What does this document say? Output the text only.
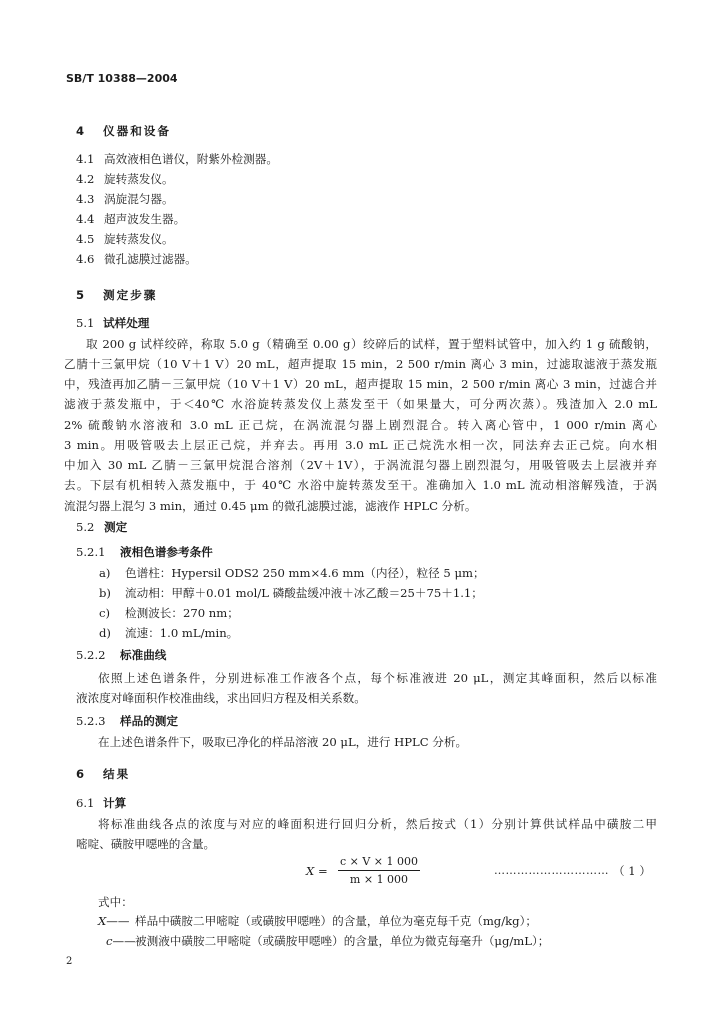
SB/T 10388—2004
4 仪器和设备
4.1 高效液相色谱仪，附紫外检测器。
4.2 旋转蒸发仪。
4.3 涡旋混匀器。
4.4 超声波发生器。
4.5 旋转蒸发仪。
4.6 微孔滤膜过滤器。
5 测定步骤
5.1 试样处理
取 200 g 试样绞碎，称取 5.0 g（精确至 0.00 g）绞碎后的试样，置于塑料试管中，加入约 1 g 硫酸钠，
乙腈十三氯甲烷（10 V＋1 V）20 mL，超声提取 15 min，2 500 r/min 离心 3 min，过滤取滤液于蒸发瓶
中，残渣再加乙腈－三氯甲烷（10 V＋1 V）20 mL，超声提取 15 min，2 500 r/min 离心 3 min，过滤合并
滤液于蒸发瓶中，于＜40℃ 水浴旋转蒸发仪上蒸发至干（如果量大，可分两次蒸）。残渣加入 2.0 mL
2% 硫酸钠水溶液和 3.0 mL 正己烷，在涡流混匀器上剧烈混合。转入离心管中，1 000 r/min 离心
3 min。用吸管吸去上层正己烷，并弃去。再用 3.0 mL 正己烷洗水相一次，同法弃去正己烷。向水相
中加入 30 mL 乙腈－三氯甲烷混合溶剂（2V＋1V），于涡流混匀器上剧烈混匀，用吸管吸去上层液并弃
去。下层有机相转入蒸发瓶中，于 40℃ 水浴中旋转蒸发至干。准确加入 1.0 mL 流动相溶解残渣，于涡
流混匀器上混匀 3 min，通过 0.45 μm 的微孔滤膜过滤，滤液作 HPLC 分析。
5.2 测定
5.2.1 液相色谱参考条件
a) 色谱柱：Hypersil ODS2 250 mm×4.6 mm（内径），粒径 5 μm；
b) 流动相：甲醇＋0.01 mol/L 磷酸盐缓冲液＋冰乙酸＝25＋75＋1.1；
c) 检测波长：270 nm；
d) 流速：1.0 mL/min。
5.2.2 标准曲线
依照上述色谱条件，分别进标准工作液各个点，每个标准液进 20 μL，测定其峰面积，然后以标准
液浓度对峰面积作校准曲线，求出回归方程及相关系数。
5.2.3 样品的测定
在上述色谱条件下，吸取已净化的样品溶液 20 μL，进行 HPLC 分析。
6 结果
6.1 计算
将标准曲线各点的浓度与对应的峰面积进行回归分析，然后按式（1）分别计算供试样品中磺胺二甲
嘧啶、磺胺甲噁唑的含量。
X =
c × V × 1 000
m × 1 000
………………………… （ 1 ）
式中：
X—— 样品中磺胺二甲嘧啶（或磺胺甲噁唑）的含量，单位为毫克每千克（mg/kg）；
c—— 被测液中磺胺二甲嘧啶（或磺胺甲噁唑）的含量，单位为微克每毫升（μg/mL）；
2
